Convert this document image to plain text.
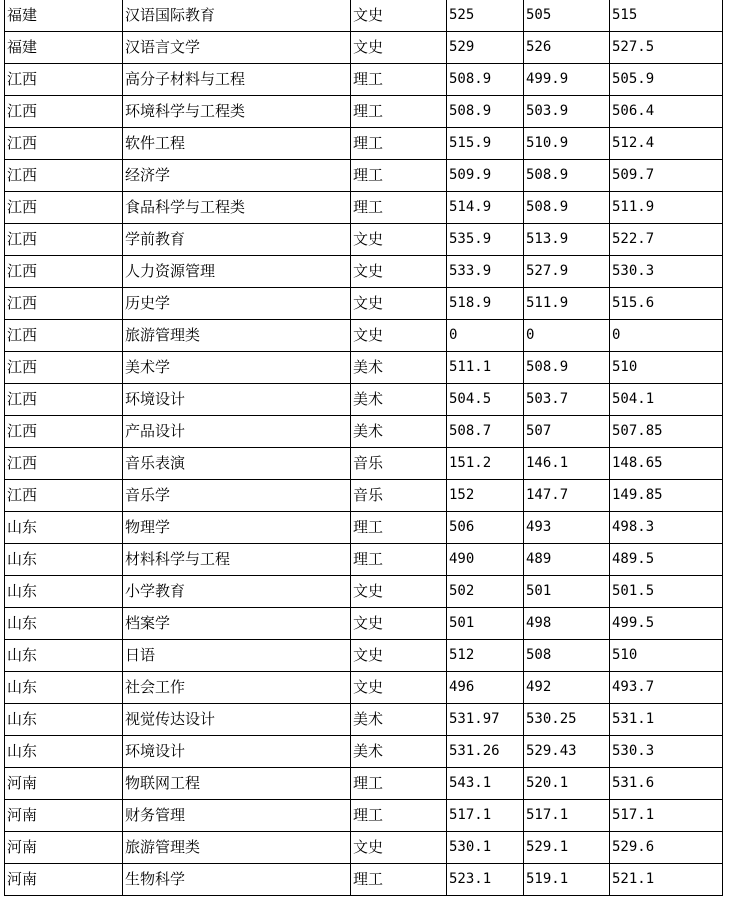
福建	汉语国际教育	文史	525	505	515
福建	汉语言文学	文史	529	526	527.5
江西	高分子材料与工程	理工	508.9	499.9	505.9
江西	环境科学与工程类	理工	508.9	503.9	506.4
江西	软件工程	理工	515.9	510.9	512.4
江西	经济学	理工	509.9	508.9	509.7
江西	食品科学与工程类	理工	514.9	508.9	511.9
江西	学前教育	文史	535.9	513.9	522.7
江西	人力资源管理	文史	533.9	527.9	530.3
江西	历史学	文史	518.9	511.9	515.6
江西	旅游管理类	文史	0	0	0
江西	美术学	美术	511.1	508.9	510
江西	环境设计	美术	504.5	503.7	504.1
江西	产品设计	美术	508.7	507	507.85
江西	音乐表演	音乐	151.2	146.1	148.65
江西	音乐学	音乐	152	147.7	149.85
山东	物理学	理工	506	493	498.3
山东	材料科学与工程	理工	490	489	489.5
山东	小学教育	文史	502	501	501.5
山东	档案学	文史	501	498	499.5
山东	日语	文史	512	508	510
山东	社会工作	文史	496	492	493.7
山东	视觉传达设计	美术	531.97	530.25	531.1
山东	环境设计	美术	531.26	529.43	530.3
河南	物联网工程	理工	543.1	520.1	531.6
河南	财务管理	理工	517.1	517.1	517.1
河南	旅游管理类	文史	530.1	529.1	529.6
河南	生物科学	理工	523.1	519.1	521.1
